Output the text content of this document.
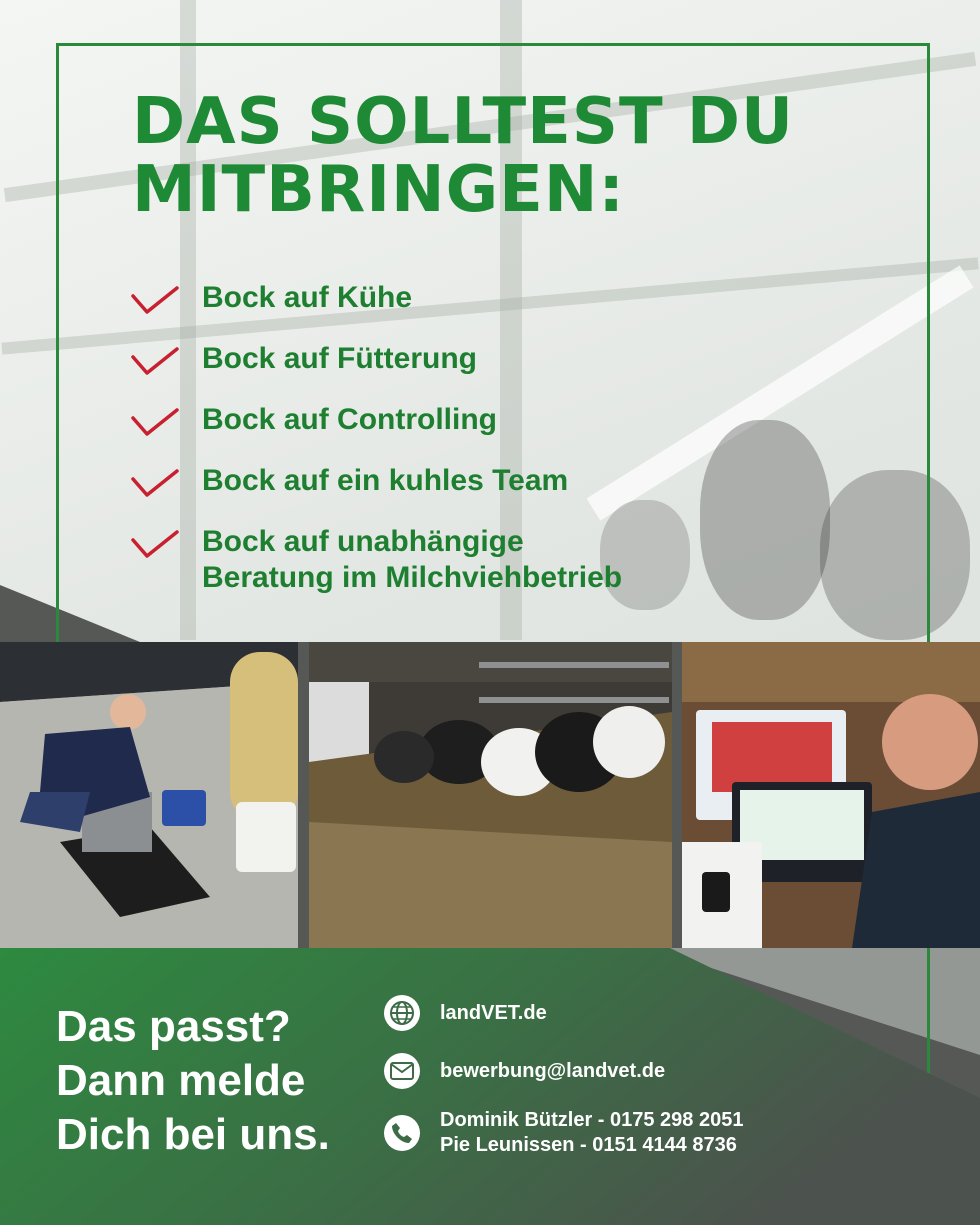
DAS SOLLTEST DU
MITBRINGEN:
Bock auf Kühe
Bock auf Fütterung
Bock auf Controlling
Bock auf ein kuhles Team
Bock auf unabhängige
Beratung im Milchviehbetrieb

Das passt?
Dann melde
Dich bei uns.

landVET.de
bewerbung@landvet.de
Dominik Bützler - 0175 298 2051
Pie Leunissen - 0151 4144 8736
